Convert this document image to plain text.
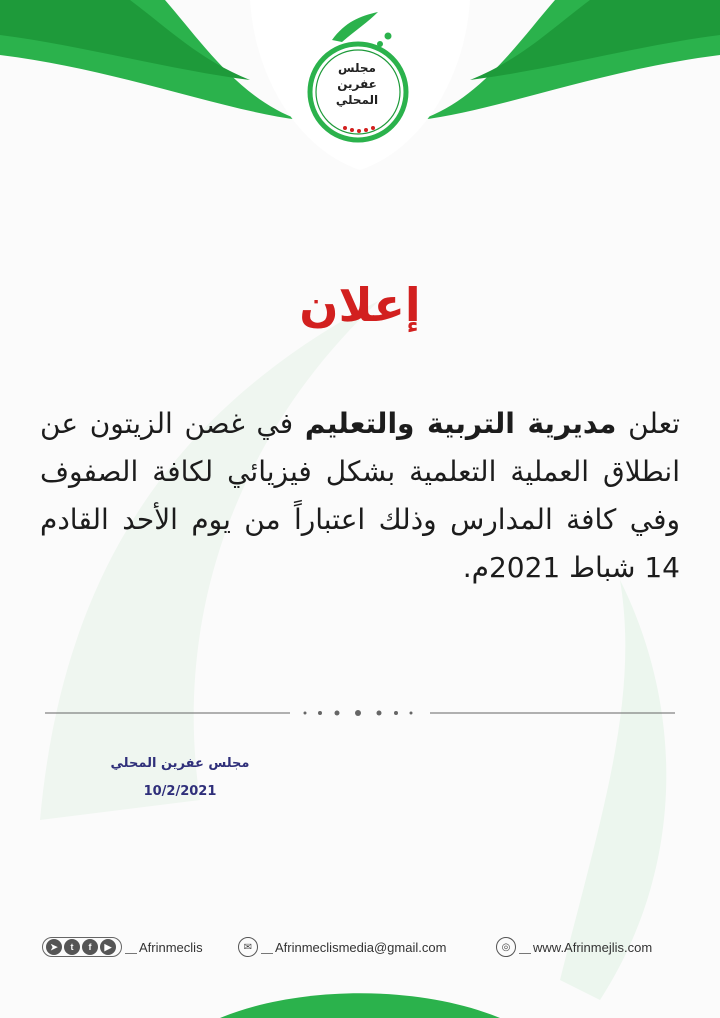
مجلس
عفرين
المحلي
إعلان
تعلن مديرية التربية والتعليم في غصن الزيتون عن انطلاق العملية التعلمية بشكل فيزيائي لكافة الصفوف وفي كافة المدارس وذلك اعتباراً من يوم الأحد القادم 14 شباط 2021م.
مجلس عفرين المحلي
10/2/2021
➤	t	f	▶	Afrinmeclis	✉	Afrinmeclismedia@gmail.com	◎	www.Afrinmejlis.com
